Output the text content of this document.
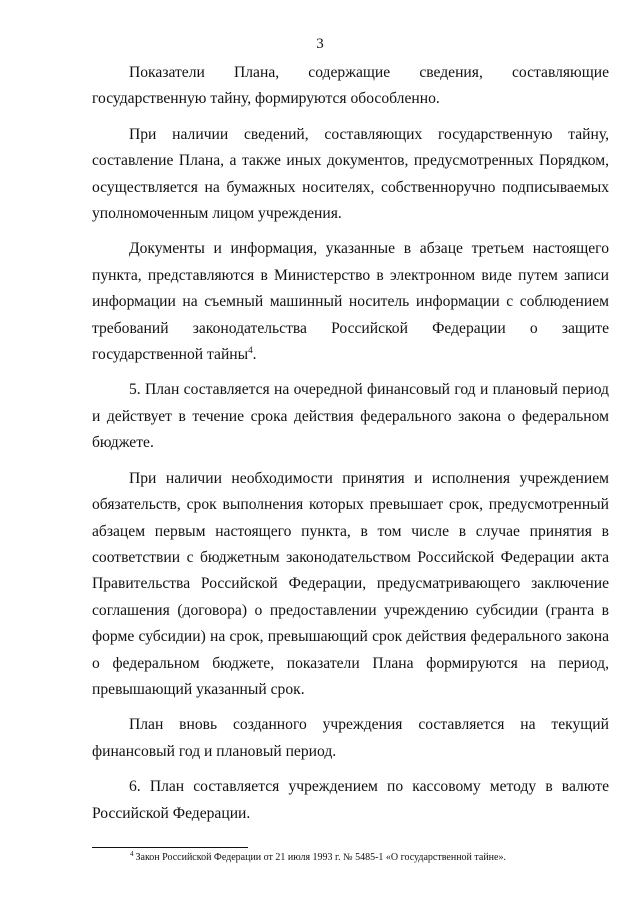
3

Показатели Плана, содержащие сведения, составляющие государственную тайну, формируются обособленно.

При наличии сведений, составляющих государственную тайну, составление Плана, а также иных документов, предусмотренных Порядком, осуществляется на бумажных носителях, собственноручно подписываемых уполномоченным лицом учреждения.

Документы и информация, указанные в абзаце третьем настоящего пункта, представляются в Министерство в электронном виде путем записи информации на съемный машинный носитель информации с соблюдением требований законодательства Российской Федерации о защите государственной тайны$^4$.

5. План составляется на очередной финансовый год и плановый период и действует в течение срока действия федерального закона о федеральном бюджете.

При наличии необходимости принятия и исполнения учреждением обязательств, срок выполнения которых превышает срок, предусмотренный абзацем первым настоящего пункта, в том числе в случае принятия в соответствии с бюджетным законодательством Российской Федерации акта Правительства Российской Федерации, предусматривающего заключение соглашения (договора) о предоставлении учреждению субсидии (гранта в форме субсидии) на срок, превышающий срок действия федерального закона о федеральном бюджете, показатели Плана формируются на период, превышающий указанный срок.

План вновь созданного учреждения составляется на текущий финансовый год и плановый период.

6. План составляется учреждением по кассовому методу в валюте Российской Федерации.

$^4$ Закон Российской Федерации от 21 июля 1993 г. № 5485-1 «О государственной тайне».
